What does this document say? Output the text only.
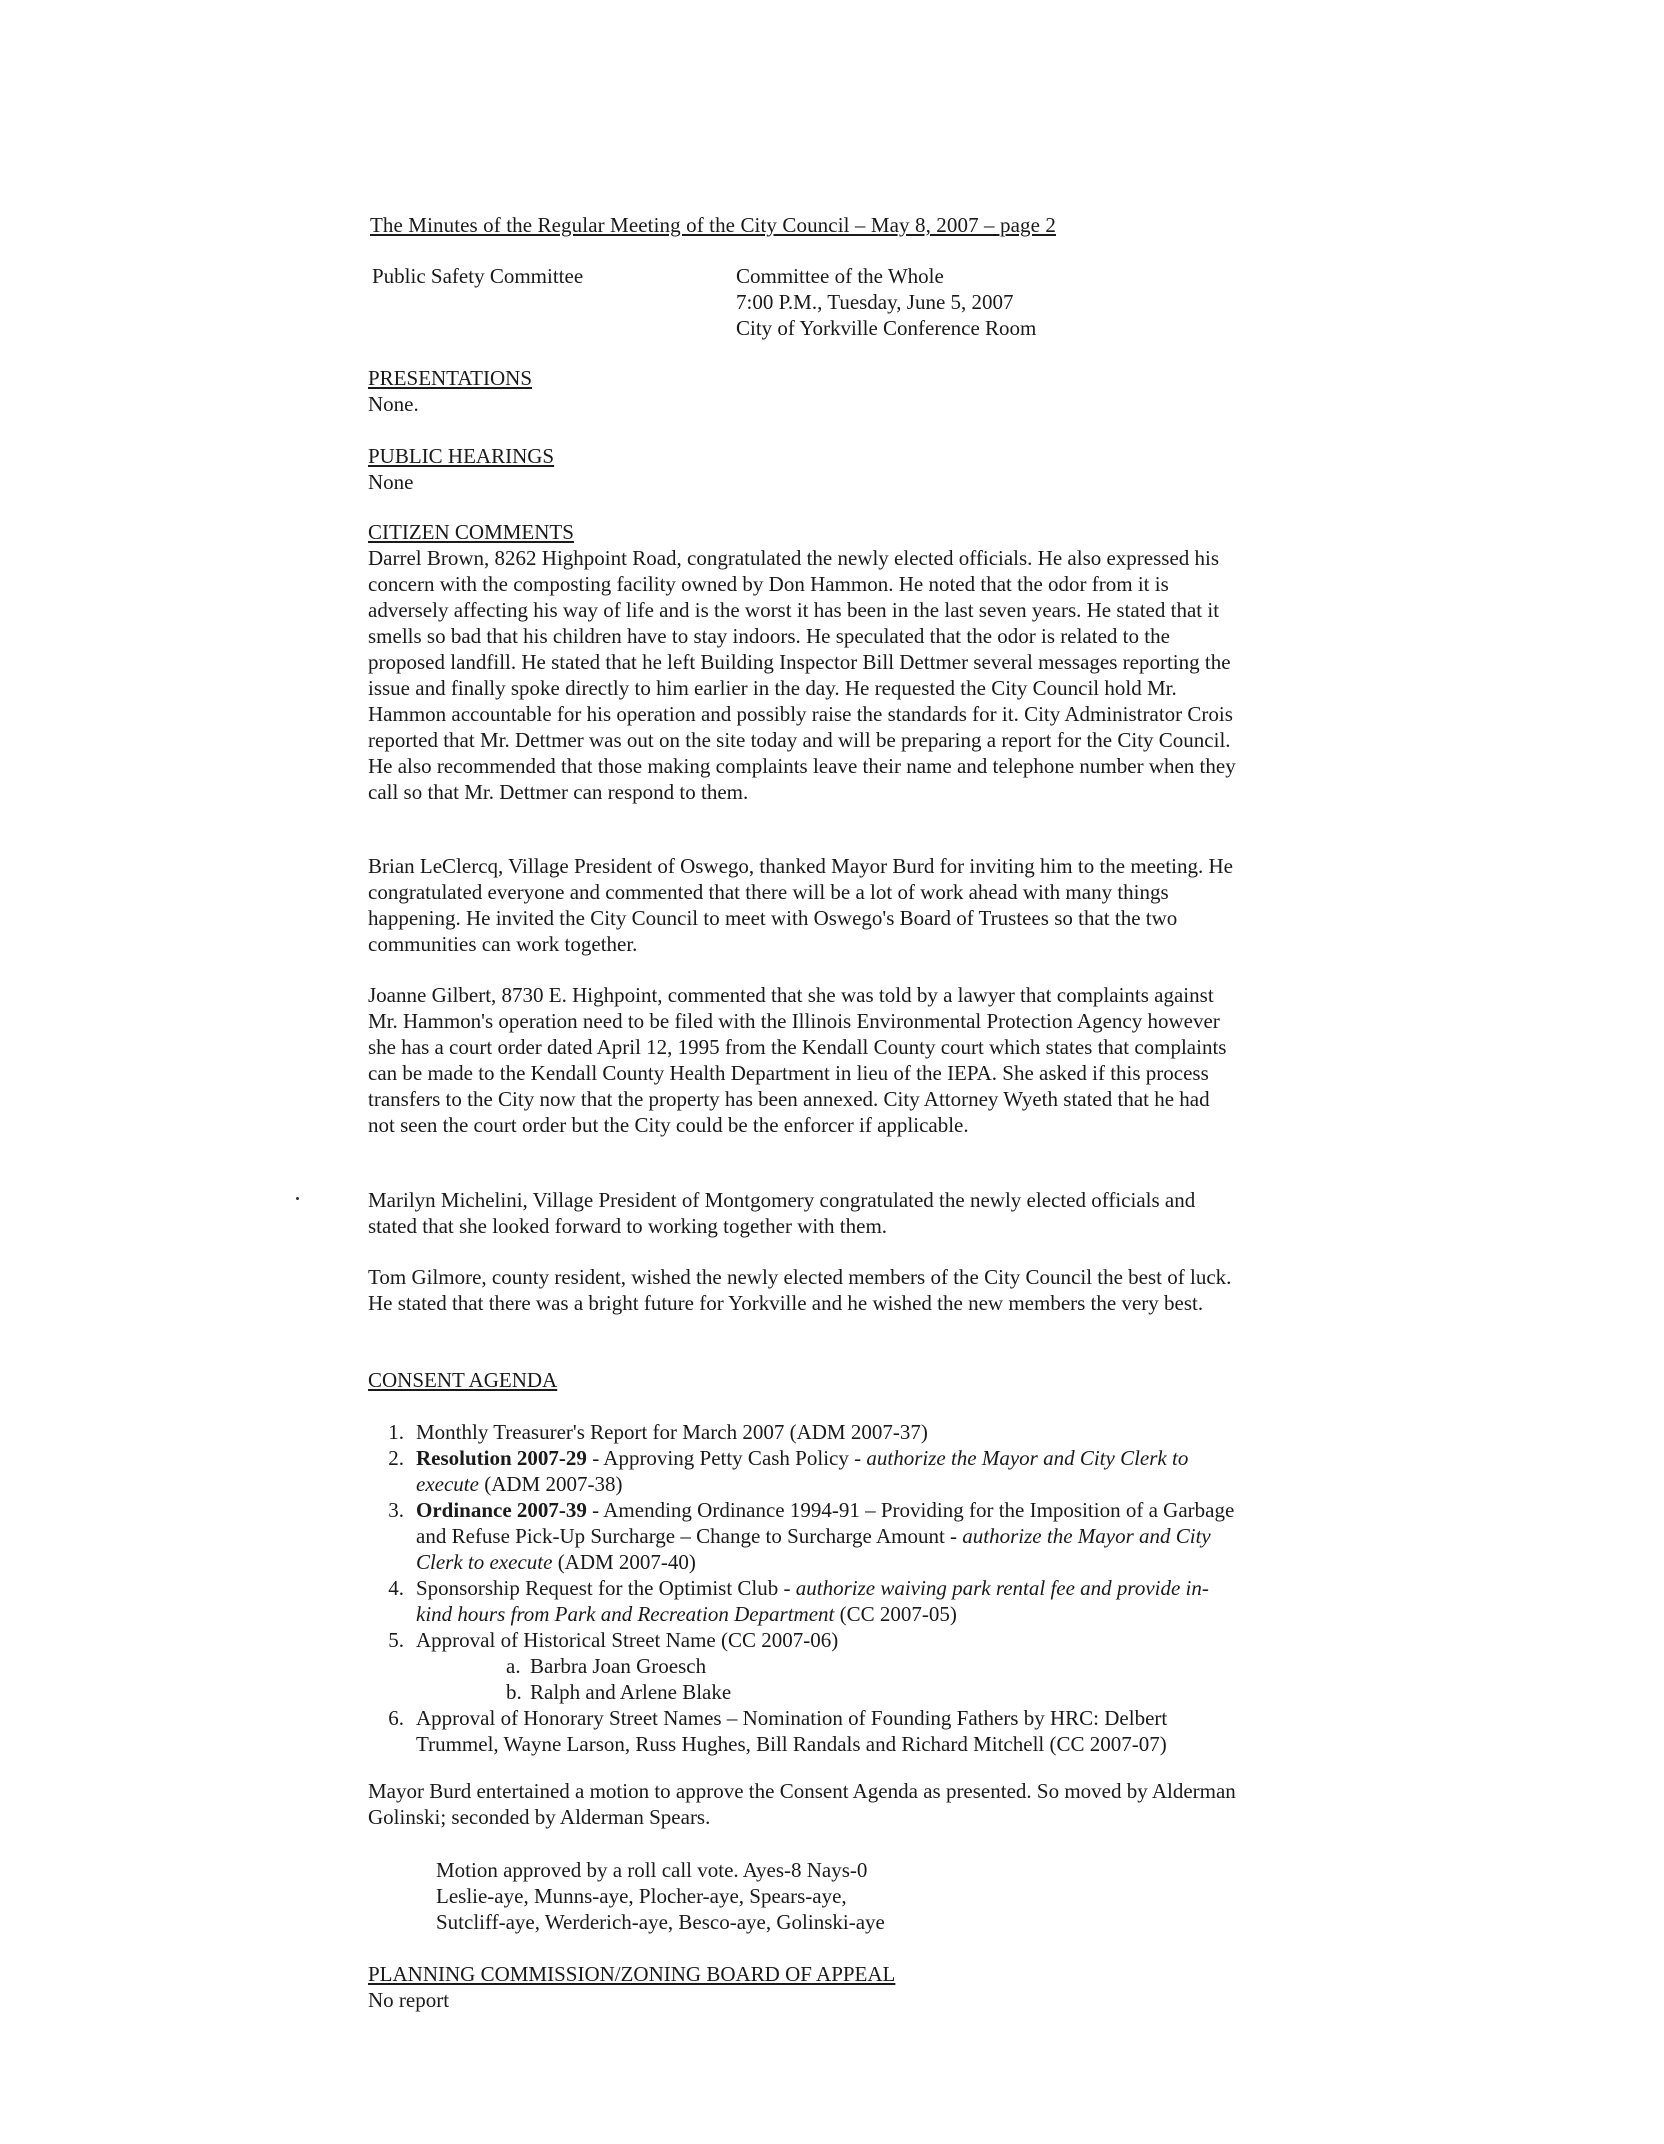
The Minutes of the Regular Meeting of the City Council – May 8, 2007 – page 2
Public Safety Committee	Committee of the Whole
7:00 P.M., Tuesday, June 5, 2007
City of Yorkville Conference Room
PRESENTATIONS
None.
PUBLIC HEARINGS
None
CITIZEN COMMENTS

Darrel Brown, 8262 Highpoint Road, congratulated the newly elected officials. He also expressed his concern with the composting facility owned by Don Hammon. He noted that the odor from it is adversely affecting his way of life and is the worst it has been in the last seven years. He stated that it smells so bad that his children have to stay indoors. He speculated that the odor is related to the proposed landfill. He stated that he left Building Inspector Bill Dettmer several messages reporting the issue and finally spoke directly to him earlier in the day. He requested the City Council hold Mr. Hammon accountable for his operation and possibly raise the standards for it. City Administrator Crois reported that Mr. Dettmer was out on the site today and will be preparing a report for the City Council. He also recommended that those making complaints leave their name and telephone number when they call so that Mr. Dettmer can respond to them.

Brian LeClercq, Village President of Oswego, thanked Mayor Burd for inviting him to the meeting. He congratulated everyone and commented that there will be a lot of work ahead with many things happening. He invited the City Council to meet with Oswego's Board of Trustees so that the two communities can work together.

Joanne Gilbert, 8730 E. Highpoint, commented that she was told by a lawyer that complaints against Mr. Hammon's operation need to be filed with the Illinois Environmental Protection Agency however she has a court order dated April 12, 1995 from the Kendall County court which states that complaints can be made to the Kendall County Health Department in lieu of the IEPA. She asked if this process transfers to the City now that the property has been annexed. City Attorney Wyeth stated that he had not seen the court order but the City could be the enforcer if applicable.

Marilyn Michelini, Village President of Montgomery congratulated the newly elected officials and stated that she looked forward to working together with them.

Tom Gilmore, county resident, wished the newly elected members of the City Council the best of luck. He stated that there was a bright future for Yorkville and he wished the new members the very best.

CONSENT AGENDA
1. Monthly Treasurer's Report for March 2007 (ADM 2007-37)
2. Resolution 2007-29 - Approving Petty Cash Policy - authorize the Mayor and City Clerk to execute (ADM 2007-38)
3. Ordinance 2007-39 - Amending Ordinance 1994-91 – Providing for the Imposition of a Garbage and Refuse Pick-Up Surcharge – Change to Surcharge Amount - authorize the Mayor and City Clerk to execute (ADM 2007-40)
4. Sponsorship Request for the Optimist Club - authorize waiving park rental fee and provide in-kind hours from Park and Recreation Department (CC 2007-05)
5. Approval of Historical Street Name (CC 2007-06)
a. Barbra Joan Groesch
b. Ralph and Arlene Blake
6. Approval of Honorary Street Names – Nomination of Founding Fathers by HRC: Delbert Trummel, Wayne Larson, Russ Hughes, Bill Randals and Richard Mitchell (CC 2007-07)

Mayor Burd entertained a motion to approve the Consent Agenda as presented. So moved by Alderman Golinski; seconded by Alderman Spears.

Motion approved by a roll call vote. Ayes-8 Nays-0
Leslie-aye, Munns-aye, Plocher-aye, Spears-aye,
Sutcliff-aye, Werderich-aye, Besco-aye, Golinski-aye
PLANNING COMMISSION/ZONING BOARD OF APPEAL
No report
